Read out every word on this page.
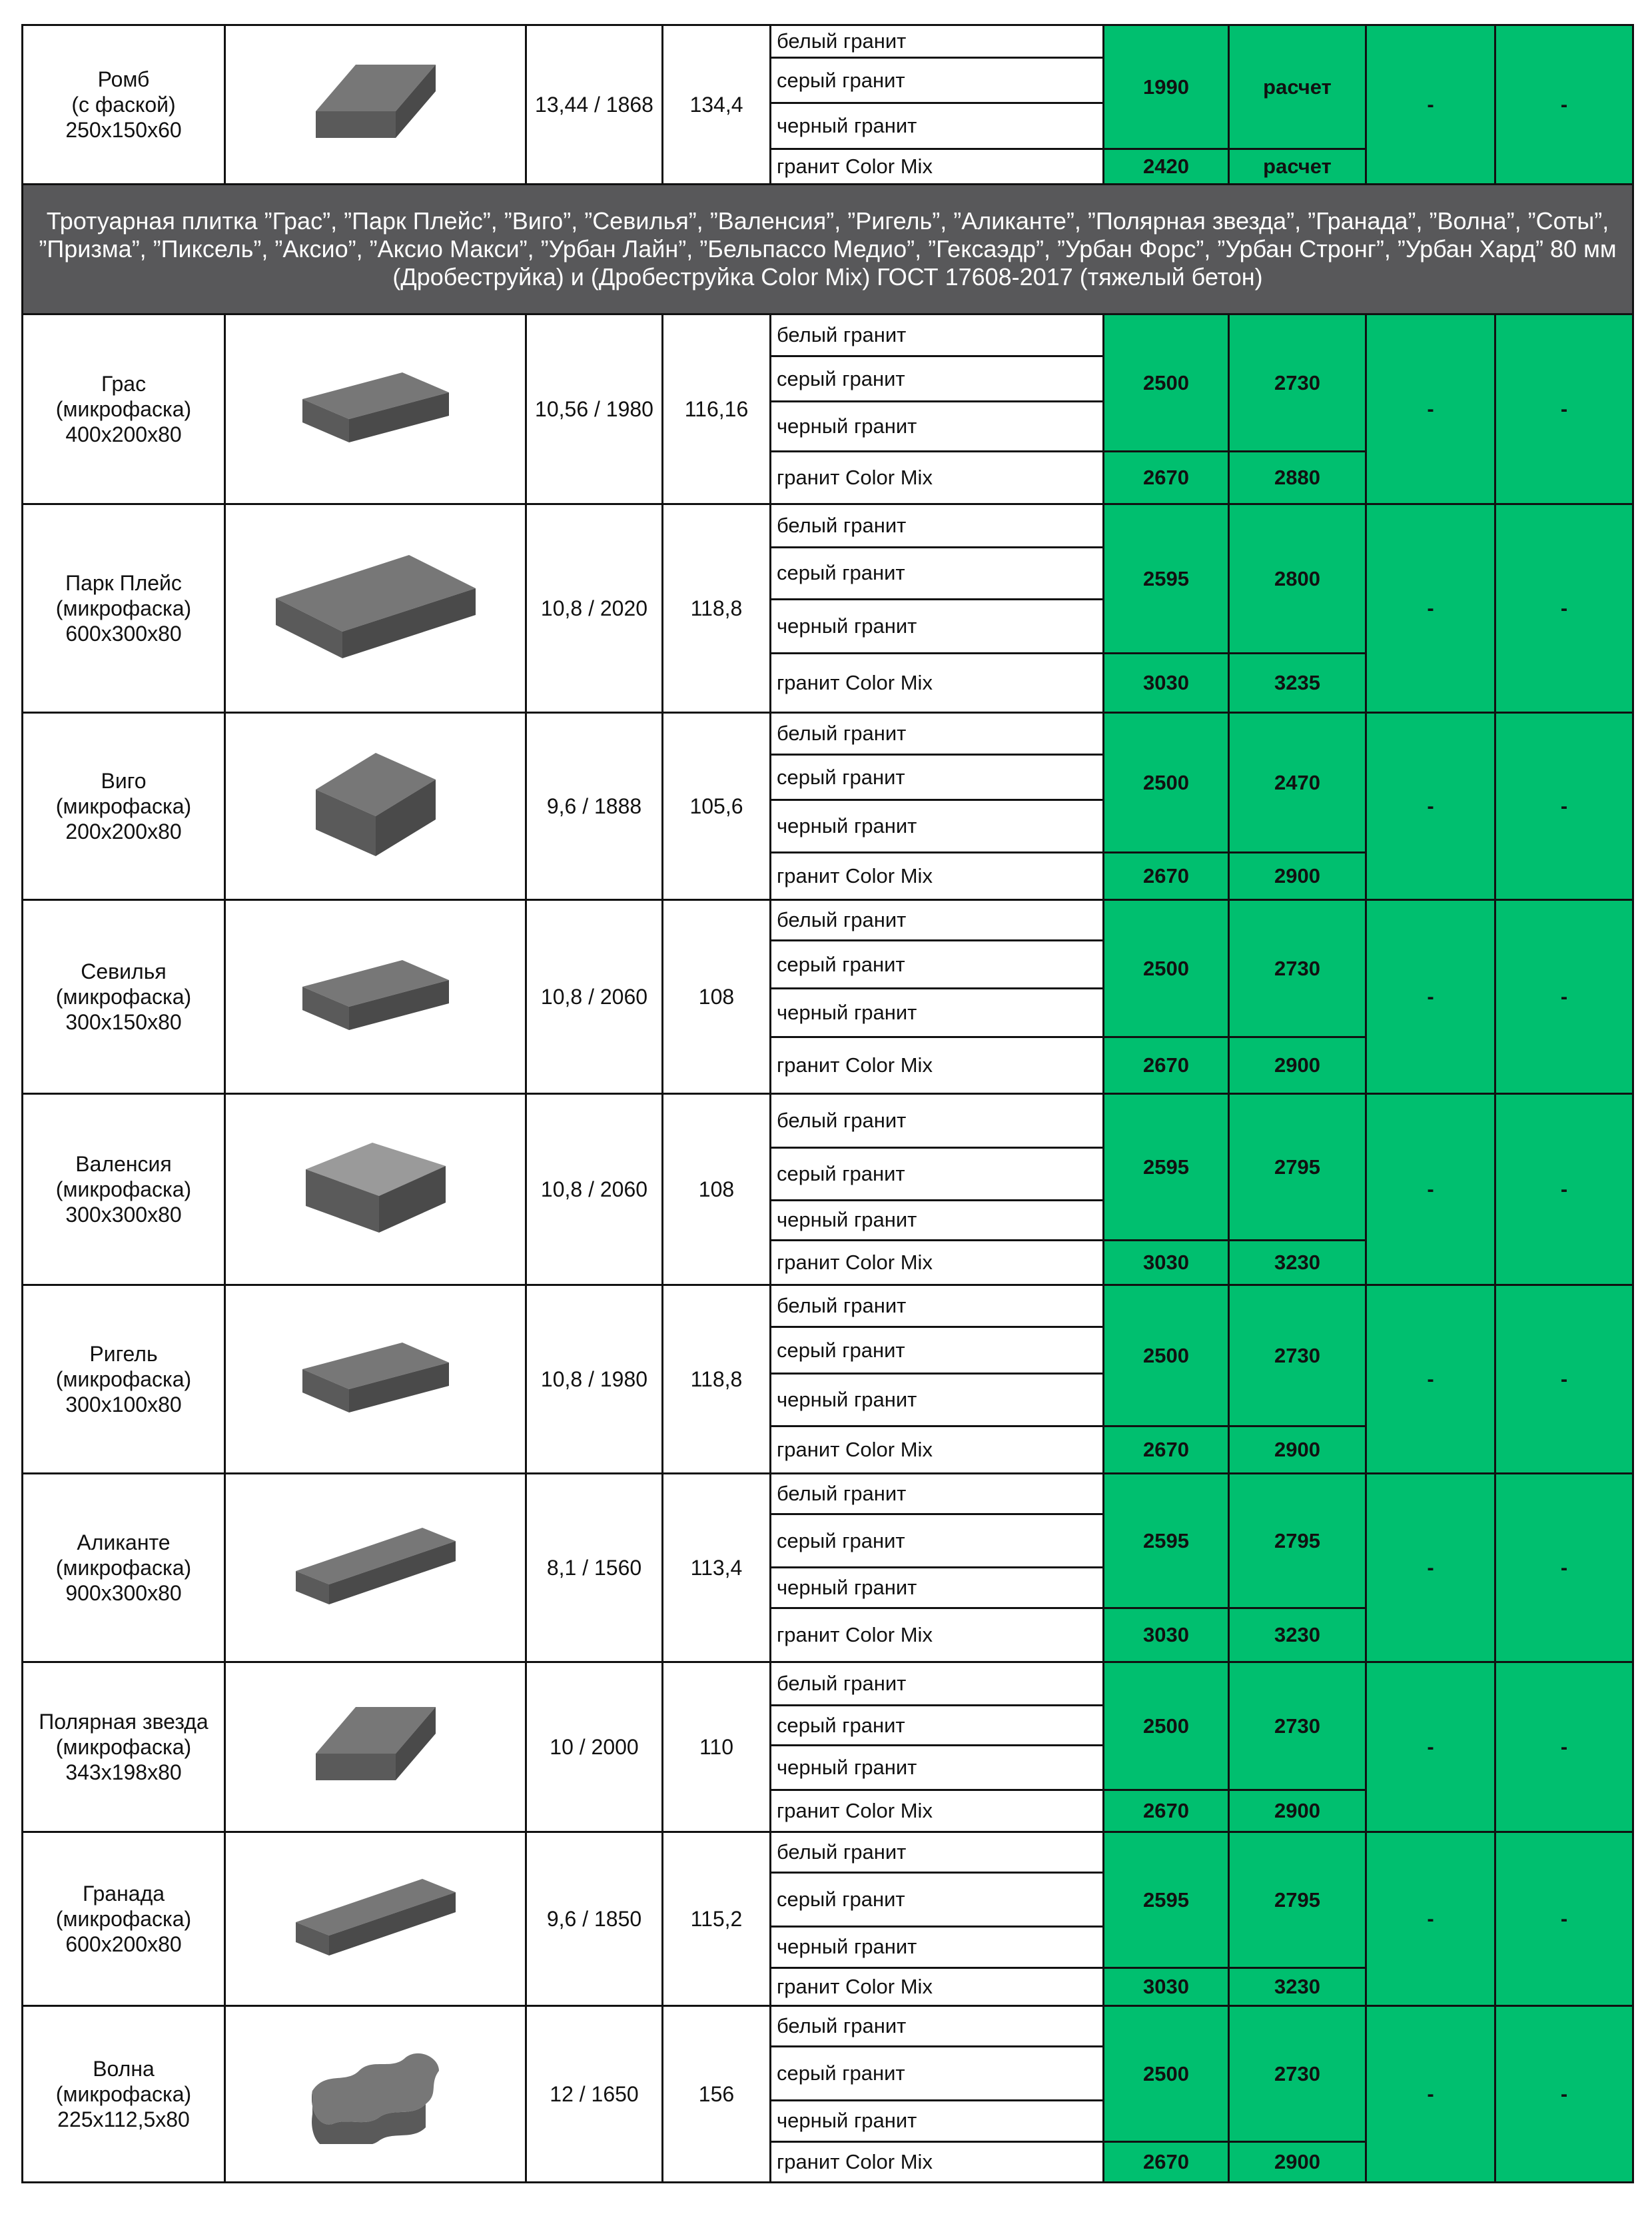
Ромб
(с фаской)
250x150x60		13,44 / 1868	134,4	белый гранит	1990	расчет	-	-
				серый гранит				
				черный гранит				
				гранит Color Mix	2420	расчет		
Тротуарная плитка ”Грас”, ”Парк Плейс”, ”Виго”, ”Севилья”, ”Валенсия”, ”Ригель”, ”Аликанте”, ”Полярная звезда”, ”Гранада”, ”Волна”, ”Соты”, ”Призма”, ”Пиксель”, ”Аксио”, ”Аксио Макси”, ”Урбан Лайн”, ”Бельпассо Медио”, ”Гексаэдр”, ”Урбан Форс”, ”Урбан Стронг”, ”Урбан Хард” 80 мм (Дробеструйка) и (Дробеструйка Color Mix) ГОСТ 17608-2017 (тяжелый бетон)								

Грас
(микрофаска)
400x200x80		10,56 / 1980	116,16	белый гранит	2500	2730	-	-
				серый гранит				
				черный гранит				
				гранит Color Mix	2670	2880		

Парк Плейс
(микрофаска)
600x300x80		10,8 / 2020	118,8	белый гранит	2595	2800	-	-
				серый гранит				
				черный гранит				
				гранит Color Mix	3030	3235		

Виго
(микрофаска)
200x200x80		9,6 / 1888	105,6	белый гранит	2500	2470	-	-
				серый гранит				
				черный гранит				
				гранит Color Mix	2670	2900		

Севилья
(микрофаска)
300x150x80		10,8 / 2060	108	белый гранит	2500	2730	-	-
				серый гранит				
				черный гранит				
				гранит Color Mix	2670	2900		

Валенсия
(микрофаска)
300x300x80		10,8 / 2060	108	белый гранит	2595	2795	-	-
				серый гранит				
				черный гранит				
				гранит Color Mix	3030	3230		

Ригель
(микрофаска)
300x100x80		10,8 / 1980	118,8	белый гранит	2500	2730	-	-
				серый гранит				
				черный гранит				
				гранит Color Mix	2670	2900		

Аликанте
(микрофаска)
900x300x80		8,1 / 1560	113,4	белый гранит	2595	2795	-	-
				серый гранит				
				черный гранит				
				гранит Color Mix	3030	3230		

Полярная звезда
(микрофаска)
343x198x80		10 / 2000	110	белый гранит	2500	2730	-	-
				серый гранит				
				черный гранит				
				гранит Color Mix	2670	2900		

Гранада
(микрофаска)
600x200x80		9,6 / 1850	115,2	белый гранит	2595	2795	-	-
				серый гранит				
				черный гранит				
				гранит Color Mix	3030	3230		

Волна
(микрофаска)
225x112,5x80		12 / 1650	156	белый гранит	2500	2730	-	-
				серый гранит				
				черный гранит				
				гранит Color Mix	2670	2900		
